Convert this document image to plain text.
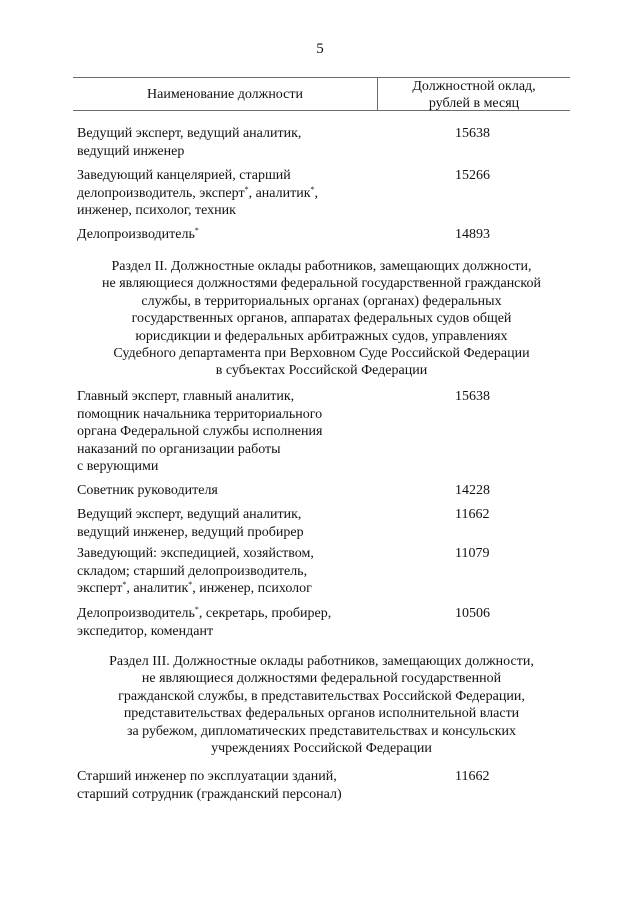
5
Наименование должности
Должностной оклад,
рублей в месяц
Ведущий эксперт, ведущий аналитик,
ведущий инженер
15638
Заведующий канцелярией, старший
делопроизводитель, эксперт*, аналитик*,
инженер, психолог, техник
15266
Делопроизводитель*	14893
Раздел II. Должностные оклады работников, замещающих должности,
не являющиеся должностями федеральной государственной гражданской
службы, в территориальных органах (органах) федеральных
государственных органов, аппаратах федеральных судов общей
юрисдикции и федеральных арбитражных судов, управлениях
Судебного департамента при Верховном Суде Российской Федерации
в субъектах Российской Федерации
Главный эксперт, главный аналитик,
помощник начальника территориального
органа Федеральной службы исполнения
наказаний по организации работы
с верующими
15638
Советник руководителя	14228
Ведущий эксперт, ведущий аналитик,
ведущий инженер, ведущий пробирер
11662
Заведующий: экспедицией, хозяйством,
складом; старший делопроизводитель,
эксперт*, аналитик*, инженер, психолог
11079
Делопроизводитель*, секретарь, пробирер,
экспедитор, комендант
10506
Раздел III. Должностные оклады работников, замещающих должности,
не являющиеся должностями федеральной государственной
гражданской службы, в представительствах Российской Федерации,
представительствах федеральных органов исполнительной власти
за рубежом, дипломатических представительствах и консульских
учреждениях Российской Федерации
Старший инженер по эксплуатации зданий,
старший сотрудник (гражданский персонал)
11662
